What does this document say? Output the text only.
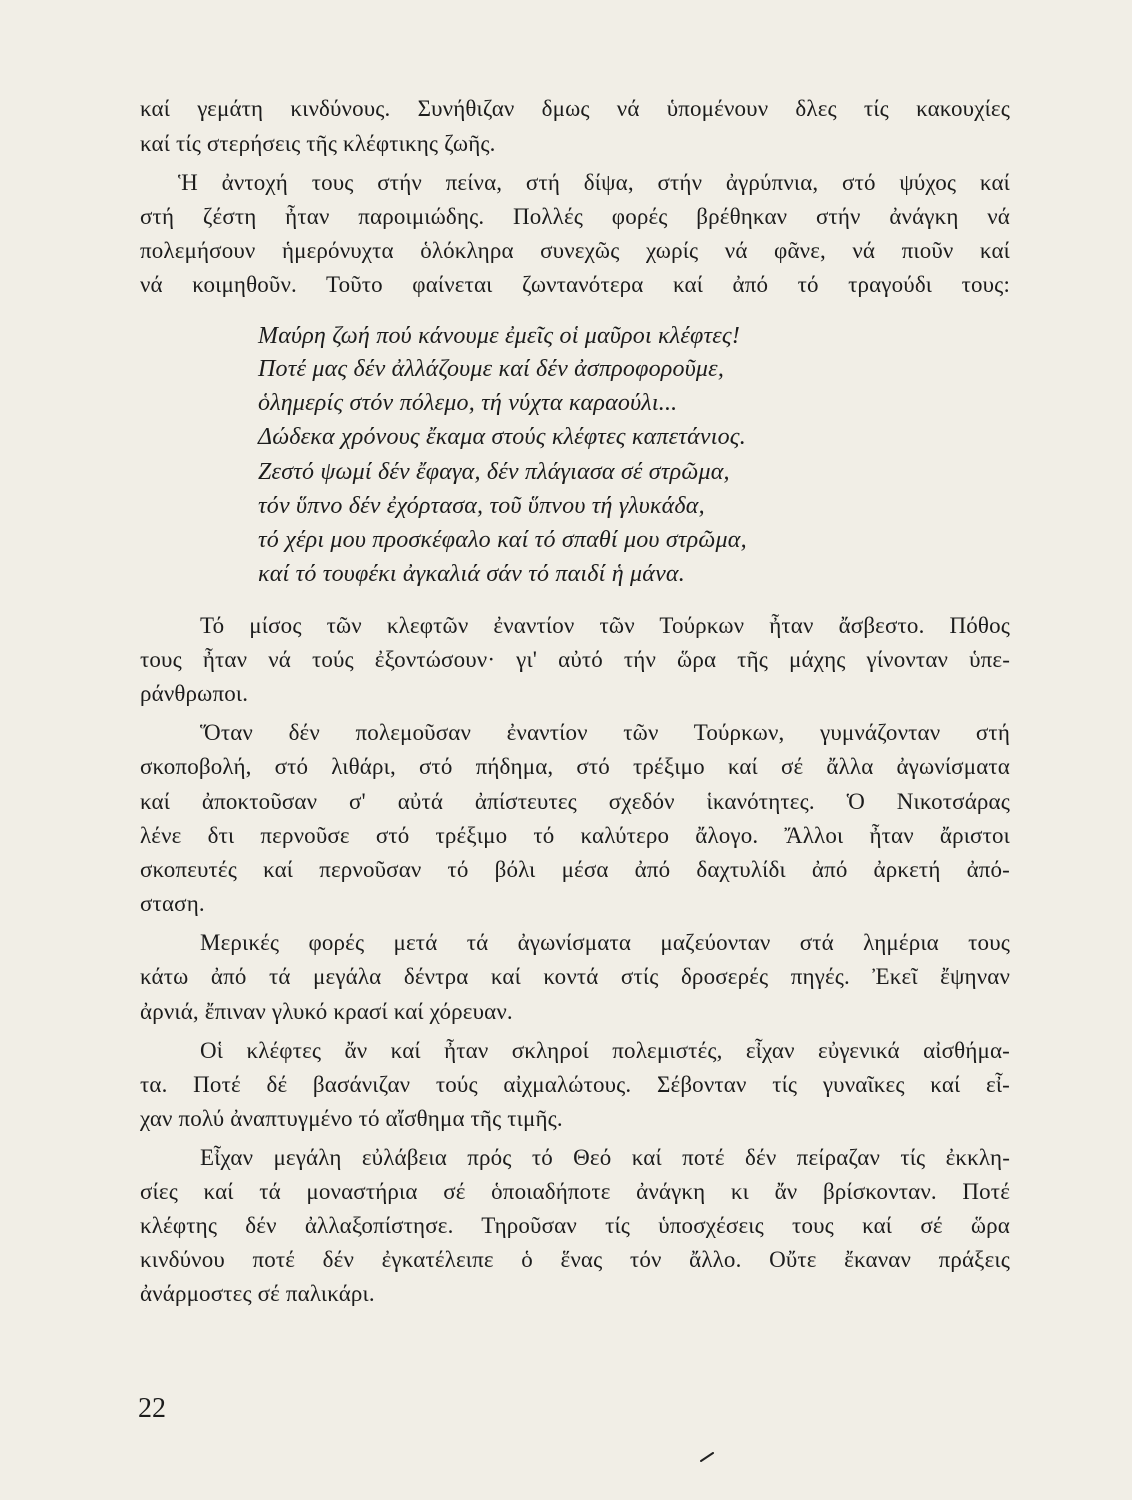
καί γεμάτη κινδύνους. Συνήθιζαν δμως νά ὑπομένουν δλες τίς κακουχίες
καί τίς στερήσεις τῆς κλέφτικης ζωῆς.
Ἡ ἀντοχή τους στήν πείνα, στή δίψα, στήν ἀγρύπνια, στό ψύχος καί
στή ζέστη ἦταν παροιμιώδης. Πολλές φορές βρέθηκαν στήν ἀνάγκη νά
πολεμήσουν ἡμερόνυχτα ὁλόκληρα συνεχῶς χωρίς νά φᾶνε, νά πιοῦν καί
νά κοιμηθοῦν. Τοῦτο φαίνεται ζωντανότερα καί ἀπό τό τραγούδι τους:
Μαύρη ζωή πού κάνουμε ἐμεῖς οἱ μαῦροι κλέφτες!
Ποτέ μας δέν ἀλλάζουμε καί δέν ἀσπροφοροῦμε,
ὁλημερίς στόν πόλεμο, τή νύχτα καραούλι...
Δώδεκα χρόνους ἔκαμα στούς κλέφτες καπετάνιος.
Ζεστό ψωμί δέν ἔφαγα, δέν πλάγιασα σέ στρῶμα,
τόν ὕπνο δέν ἐχόρτασα, τοῦ ὕπνου τή γλυκάδα,
τό χέρι μου προσκέφαλο καί τό σπαθί μου στρῶμα,
καί τό τουφέκι ἀγκαλιά σάν τό παιδί ἡ μάνα.
Τό μίσος τῶν κλεφτῶν ἐναντίον τῶν Τούρκων ἦταν ἄσβεστο. Πόθος
τους ἦταν νά τούς ἐξοντώσουν· γι' αὐτό τήν ὥρα τῆς μάχης γίνονταν ὑπε-
ράνθρωποι.
Ὅταν δέν πολεμοῦσαν ἐναντίον τῶν Τούρκων, γυμνάζονταν στή
σκοποβολή, στό λιθάρι, στό πήδημα, στό τρέξιμο καί σέ ἄλλα ἀγωνίσματα
καί ἀποκτοῦσαν σ' αὐτά ἀπίστευτες σχεδόν ἱκανότητες. Ὁ Νικοτσάρας
λένε δτι περνοῦσε στό τρέξιμο τό καλύτερο ἄλογο. Ἄλλοι ἦταν ἄριστοι
σκοπευτές καί περνοῦσαν τό βόλι μέσα ἀπό δαχτυλίδι ἀπό ἀρκετή ἀπό-
σταση.
Μερικές φορές μετά τά ἀγωνίσματα μαζεύονταν στά λημέρια τους
κάτω ἀπό τά μεγάλα δέντρα καί κοντά στίς δροσερές πηγές. Ἐκεῖ ἔψηναν
ἀρνιά, ἔπιναν γλυκό κρασί καί χόρευαν.
Οἱ κλέφτες ἄν καί ἦταν σκληροί πολεμιστές, εἶχαν εὐγενικά αἰσθήμα-
τα. Ποτέ δέ βασάνιζαν τούς αἰχμαλώτους. Σέβονταν τίς γυναῖκες καί εἶ-
χαν πολύ ἀναπτυγμένο τό αἴσθημα τῆς τιμῆς.
Εἶχαν μεγάλη εὐλάβεια πρός τό Θεό καί ποτέ δέν πείραζαν τίς ἐκκλη-
σίες καί τά μοναστήρια σέ ὁποιαδήποτε ἀνάγκη κι ἄν βρίσκονταν. Ποτέ
κλέφτης δέν ἀλλαξοπίστησε. Τηροῦσαν τίς ὑποσχέσεις τους καί σέ ὥρα
κινδύνου ποτέ δέν ἐγκατέλειπε ὁ ἕνας τόν ἄλλο. Οὔτε ἔκαναν πράξεις
ἀνάρμοστες σέ παλικάρι.
22
